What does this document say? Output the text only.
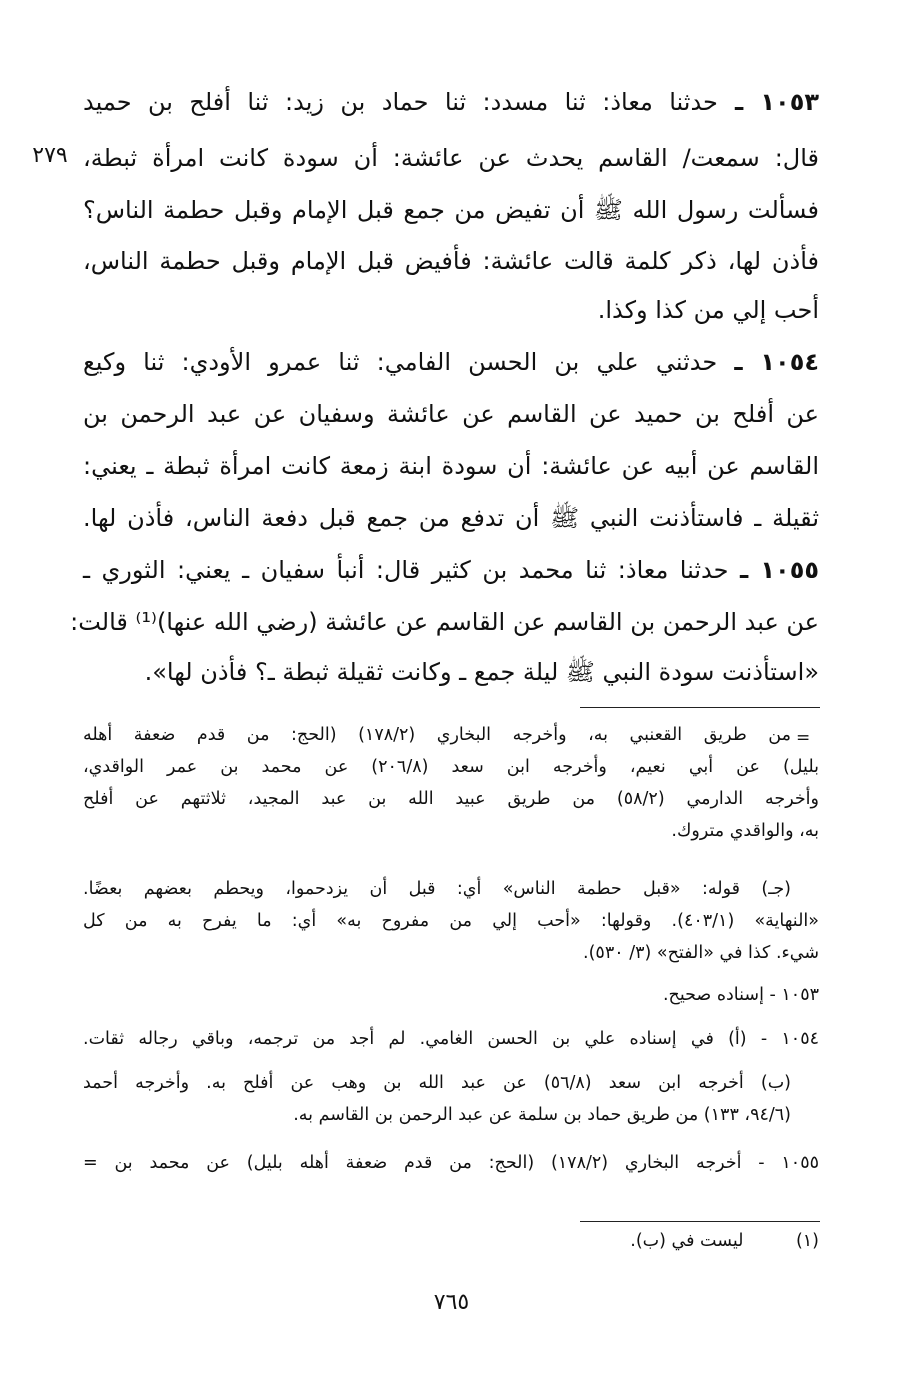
٢٧٩

١٠٥٣ ـ حدثنا معاذ: ثنا مسدد: ثنا حماد بن زيد: ثنا أفلح بن حميد

قال: سمعت/ القاسم يحدث عن عائشة: أن سودة كانت امرأة ثبطة،

فسألت رسول الله ﷺ أن تفيض من جمع قبل الإمام وقبل حطمة الناس؟

فأذن لها، ذكر كلمة قالت عائشة: فأفيض قبل الإمام وقبل حطمة الناس،

أحب إلي من كذا وكذا.

١٠٥٤ ـ حدثني علي بن الحسن الفامي: ثنا عمرو الأودي: ثنا وكيع

عن أفلح بن حميد عن القاسم عن عائشة وسفيان عن عبد الرحمن بن

القاسم عن أبيه عن عائشة: أن سودة ابنة زمعة كانت امرأة ثبطة ـ يعني:

ثقيلة ـ فاستأذنت النبي ﷺ أن تدفع من جمع قبل دفعة الناس، فأذن لها.

١٠٥٥ ـ حدثنا معاذ: ثنا محمد بن كثير قال: أنبأ سفيان ـ يعني: الثوري ـ

عن عبد الرحمن بن القاسم عن القاسم عن عائشة (رضي الله عنها)⁽¹⁾ قالت:

«استأذنت سودة النبي ﷺ ليلة جمع ـ وكانت ثقيلة ثبطة ـ؟ فأذن لها».

=

من طريق القعنبي به، وأخرجه البخاري (١٧٨/٢) (الحج: من قدم ضعفة أهله

بليل) عن أبي نعيم، وأخرجه ابن سعد (٢٠٦/٨) عن محمد بن عمر الواقدي،

وأخرجه الدارمي (٥٨/٢) من طريق عبيد الله بن عبد المجيد، ثلاثتهم عن أفلح

به، والواقدي متروك.

(جـ) قوله: «قبل حطمة الناس» أي: قبل أن يزدحموا، ويحطم بعضهم بعضًا.

«النهاية» (٤٠٣/١). وقولها: «أحب إلي من مفروح به» أي: ما يفرح به من كل

شيء. كذا في «الفتح» (٣/ ٥٣٠).

١٠٥٣ - إسناده صحيح.

١٠٥٤ - (أ) في إسناده علي بن الحسن الغامي. لم أجد من ترجمه، وباقي رجاله ثقات.

(ب) أخرجه ابن سعد (٥٦/٨) عن عبد الله بن وهب عن أفلح به. وأخرجه أحمد

(٩٤/٦، ١٣٣) من طريق حماد بن سلمة عن عبد الرحمن بن القاسم به.

١٠٥٥ - أخرجه البخاري (١٧٨/٢) (الحج: من قدم ضعفة أهله بليل) عن محمد بن =

(١)   ليست في (ب).

٧٦٥
